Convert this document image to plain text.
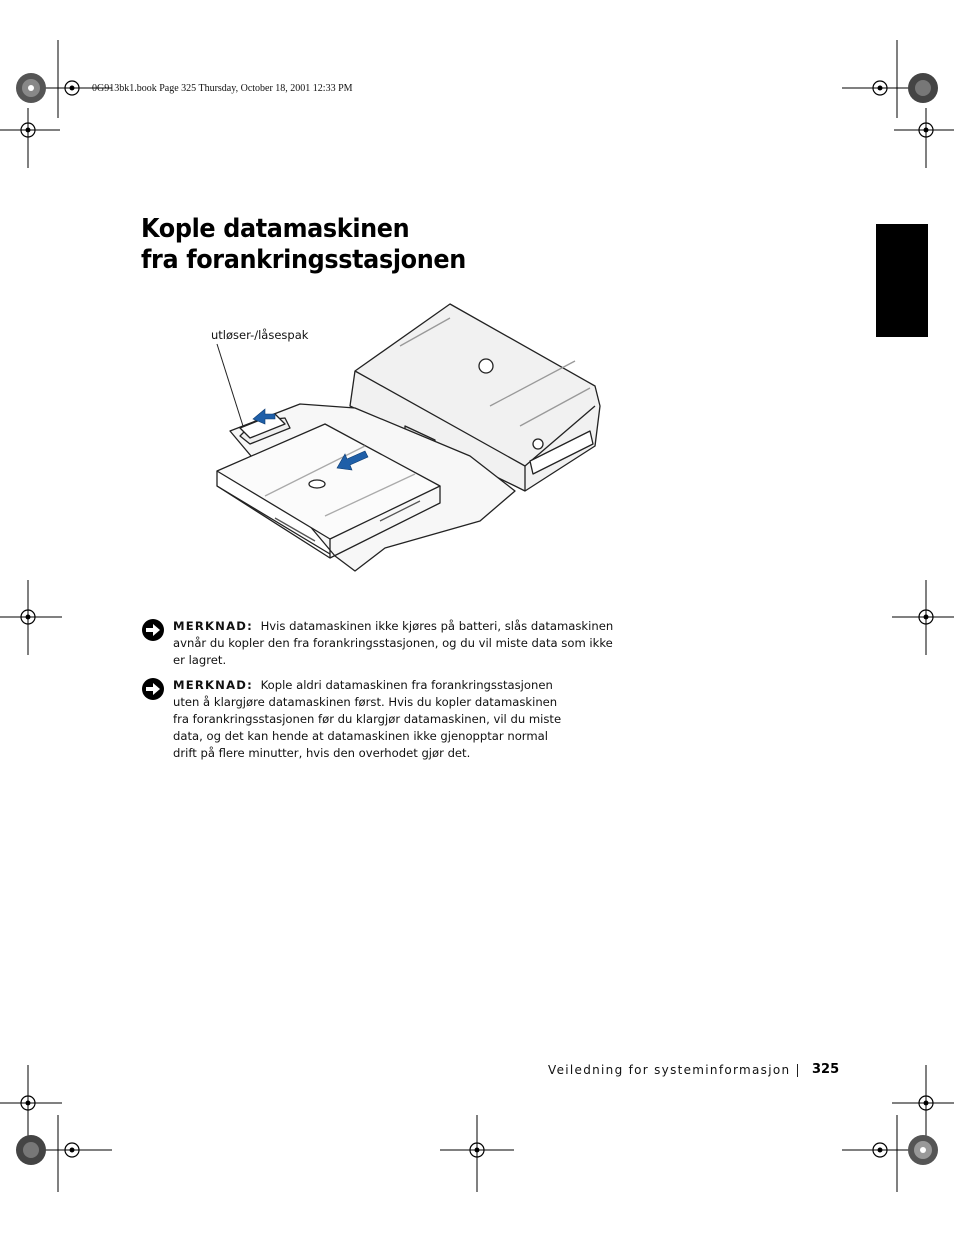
0G913bk1.book Page 325 Thursday, October 18, 2001 12:33 PM
Kople datamaskinen
fra forankringsstasjonen
utløser-/låsespak

MERKNAD: Hvis datamaskinen ikke kjøres på batteri, slås datamaskinen
avnår du kopler den fra forankringsstasjonen, og du vil miste data som ikke
er lagret.

MERKNAD: Kople aldri datamaskinen fra forankringsstasjonen
uten å klargjøre datamaskinen først. Hvis du kopler datamaskinen
fra forankringsstasjonen før du klargjør datamaskinen, vil du miste
data, og det kan hende at datamaskinen ikke gjenopptar normal
drift på flere minutter, hvis den overhodet gjør det.

Veiledning for systeminformasjon 325
